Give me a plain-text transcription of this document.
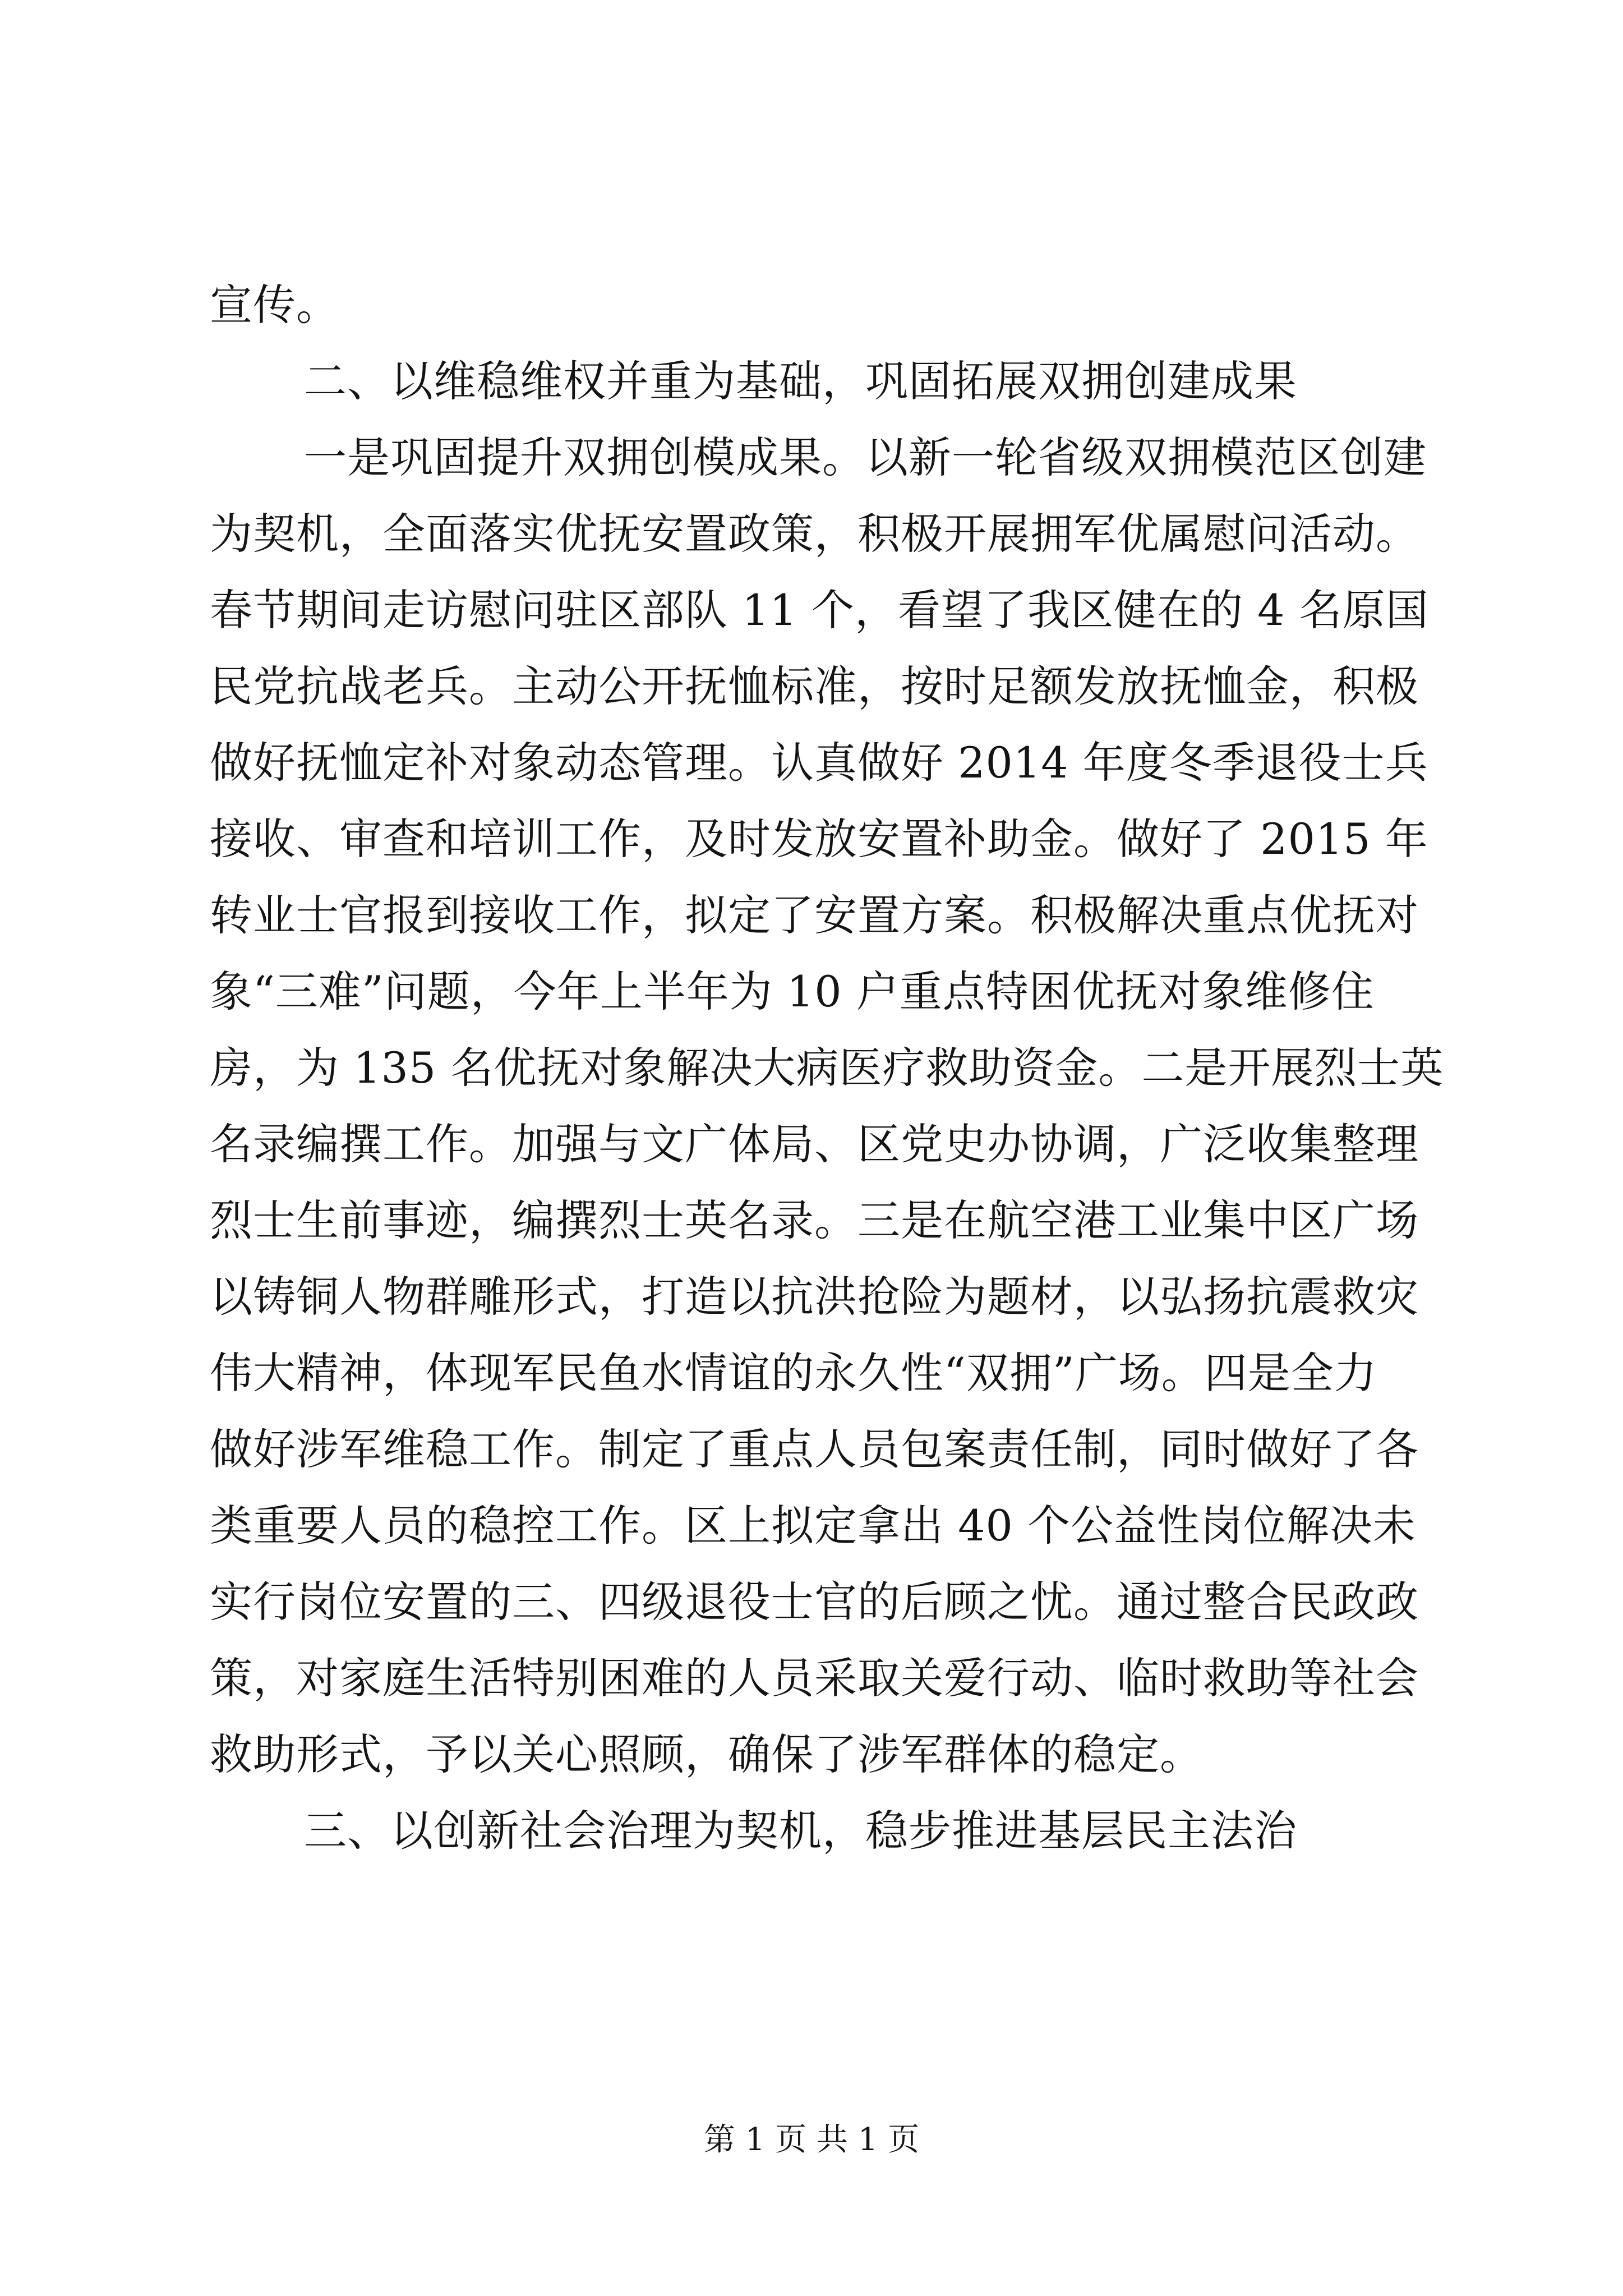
宣传。
二、以维稳维权并重为基础，巩固拓展双拥创建成果
一是巩固提升双拥创模成果。以新一轮省级双拥模范区创建
为契机，全面落实优抚安置政策，积极开展拥军优属慰问活动。
春节期间走访慰问驻区部队 11 个，看望了我区健在的 4 名原国
民党抗战老兵。主动公开抚恤标准，按时足额发放抚恤金，积极
做好抚恤定补对象动态管理。认真做好 2014 年度冬季退役士兵
接收、审查和培训工作，及时发放安置补助金。做好了 2015 年
转业士官报到接收工作，拟定了安置方案。积极解决重点优抚对
象“三难”问题，今年上半年为 10 户重点特困优抚对象维修住
房，为 135 名优抚对象解决大病医疗救助资金。二是开展烈士英
名录编撰工作。加强与文广体局、区党史办协调，广泛收集整理
烈士生前事迹，编撰烈士英名录。三是在航空港工业集中区广场
以铸铜人物群雕形式，打造以抗洪抢险为题材，以弘扬抗震救灾
伟大精神，体现军民鱼水情谊的永久性“双拥”广场。四是全力
做好涉军维稳工作。制定了重点人员包案责任制，同时做好了各
类重要人员的稳控工作。区上拟定拿出 40 个公益性岗位解决未
实行岗位安置的三、四级退役士官的后顾之忧。通过整合民政政
策，对家庭生活特别困难的人员采取关爱行动、临时救助等社会
救助形式，予以关心照顾，确保了涉军群体的稳定。
三、以创新社会治理为契机，稳步推进基层民主法治
第 1 页 共 1 页
